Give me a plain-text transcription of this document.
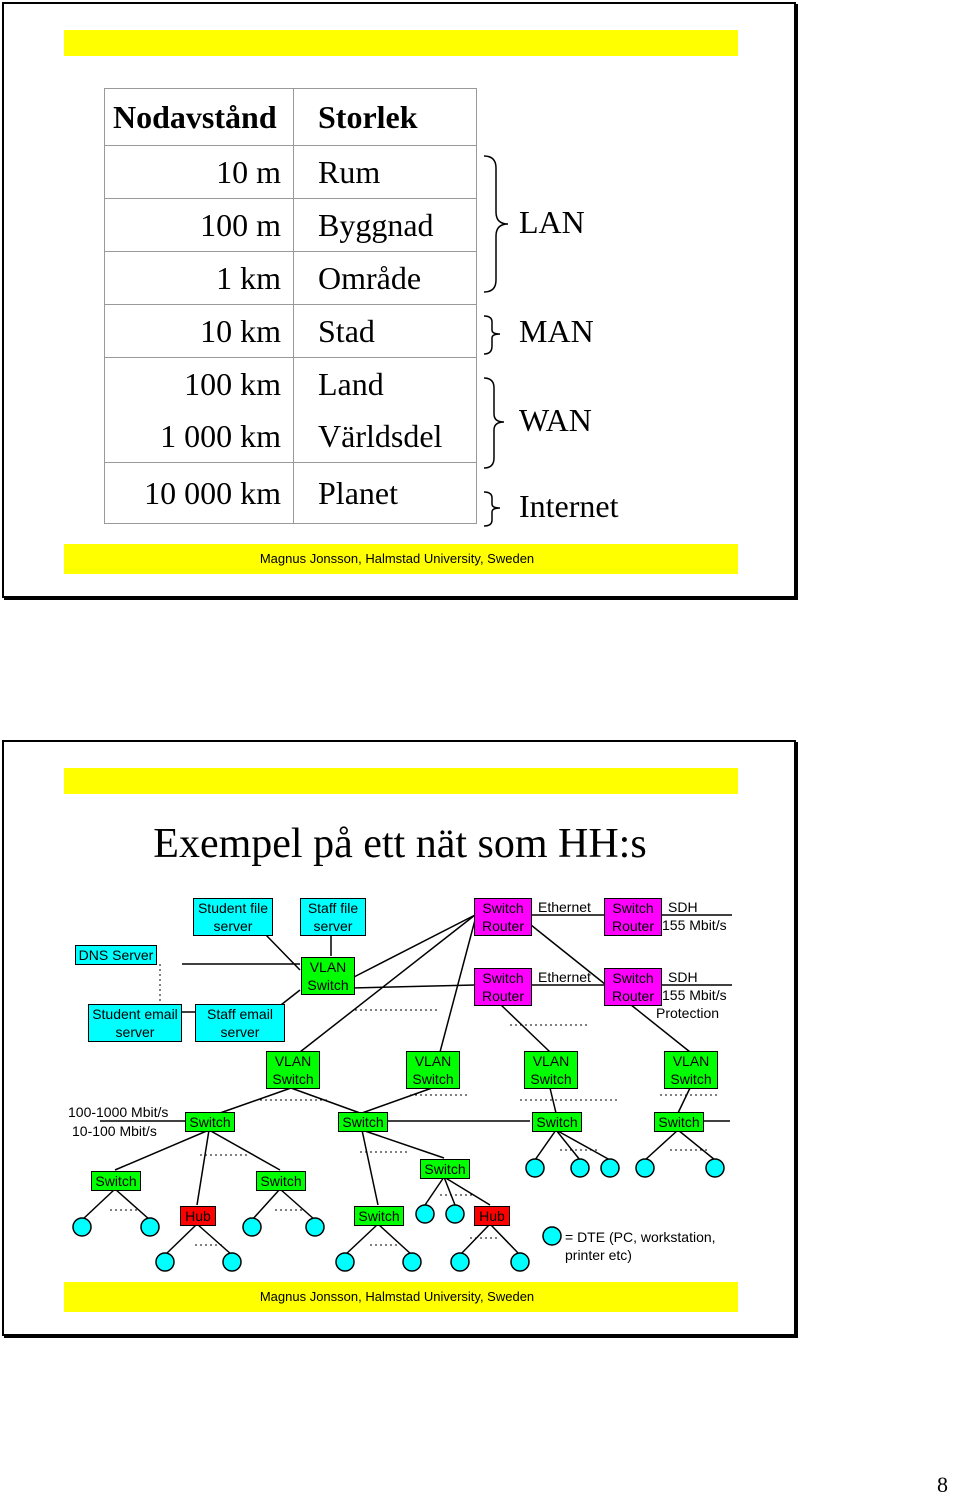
Nodavstånd	Storlek
10 m	Rum
100 m	Byggnad
1 km	Område
10 km	Stad
100 km	Land
1 000 km	Världsdel
10 000 km	Planet
LAN
MAN
WAN
Internet
Magnus Jonsson, Halmstad University, Sweden
Magnus Jonsson, Halmstad University, Sweden
Exempel på ett nät som HH:s
DNS Server
Student file server
Staff file server
Student email server
Staff email server
VLAN Switch
Switch Router
Switch Router
Switch Router
Switch Router
Ethernet
Ethernet
SDH
155 Mbit/s
SDH
155 Mbit/s
Protection
VLAN Switch
VLAN Switch
VLAN Switch
VLAN Switch
100-1000 Mbit/s
10-100 Mbit/s
Switch	Switch	Switch	Switch
Switch	Switch
Switch
Switch
Hub	Hub
= DTE (PC, workstation, printer etc)
8
